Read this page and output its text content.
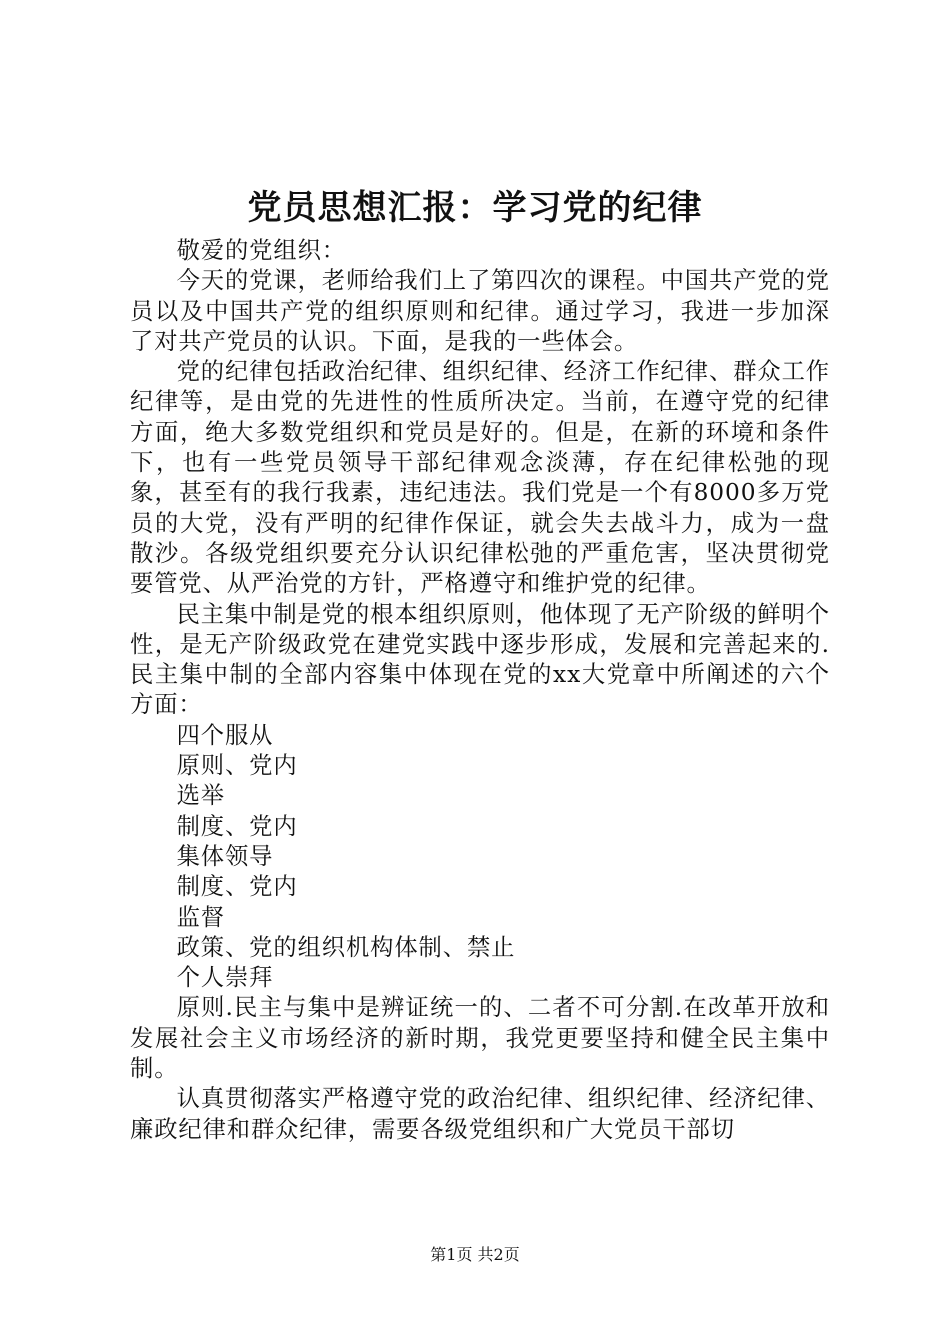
党员思想汇报：学习党的纪律

敬爱的党组织：

今天的党课，老师给我们上了第四次的课程。中国共产党的党员以及中国共产党的组织原则和纪律。通过学习，我进一步加深了对共产党员的认识。下面，是我的一些体会。

党的纪律包括政治纪律、组织纪律、经济工作纪律、群众工作纪律等，是由党的先进性的性质所决定。当前，在遵守党的纪律方面，绝大多数党组织和党员是好的。但是，在新的环境和条件下，也有一些党员领导干部纪律观念淡薄，存在纪律松弛的现象，甚至有的我行我素，违纪违法。我们党是一个有8000多万党员的大党，没有严明的纪律作保证，就会失去战斗力，成为一盘散沙。各级党组织要充分认识纪律松弛的严重危害，坚决贯彻党要管党、从严治党的方针，严格遵守和维护党的纪律。

民主集中制是党的根本组织原则，他体现了无产阶级的鲜明个性，是无产阶级政党在建党实践中逐步形成，发展和完善起来的.民主集中制的全部内容集中体现在党的xx大党章中所阐述的六个方面：

四个服从

原则、党内

选举

制度、党内

集体领导

制度、党内

监督

政策、党的组织机构体制、禁止

个人崇拜

原则.民主与集中是辨证统一的、二者不可分割.在改革开放和发展社会主义市场经济的新时期，我党更要坚持和健全民主集中制。

认真贯彻落实严格遵守党的政治纪律、组织纪律、经济纪律、廉政纪律和群众纪律，需要各级党组织和广大党员干部切

第1页 共2页
